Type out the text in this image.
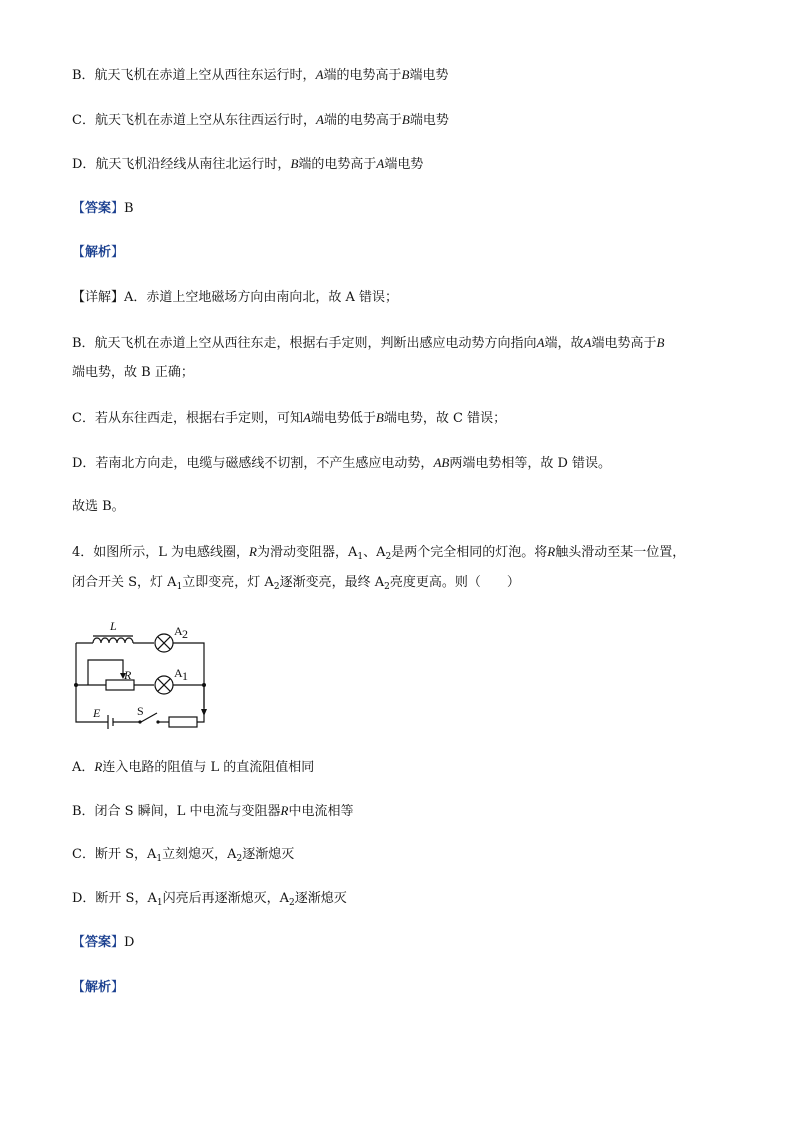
B．航天飞机在赤道上空从西往东运行时，A端的电势高于B端电势
C．航天飞机在赤道上空从东往西运行时，A端的电势高于B端电势
D．航天飞机沿经线从南往北运行时，B端的电势高于A端电势
【答案】B
【解析】
【详解】A．赤道上空地磁场方向由南向北，故 A 错误；
B．航天飞机在赤道上空从西往东走，根据右手定则，判断出感应电动势方向指向A端，故A端电势高于B
端电势，故 B 正确；
C．若从东往西走，根据右手定则，可知A端电势低于B端电势，故 C 错误；
D．若南北方向走，电缆与磁感线不切割，不产生感应电动势，AB两端电势相等，故 D 错误。
故选 B。
4．如图所示，L 为电感线圈，R为滑动变阻器，$A_1$、$A_2$是两个完全相同的灯泡。将R触头滑动至某一位置，
闭合开关 S，灯 $A_1$立即变亮，灯 $A_2$逐渐变亮，最终 $A_2$亮度更高。则（　　）
L
R
E	S
A 2
A 1
A．R连入电路的阻值与 L 的直流阻值相同
B．闭合 S 瞬间，L 中电流与变阻器R中电流相等
C．断开 S，$A_1$立刻熄灭，$A_2$逐渐熄灭
D．断开 S，$A_1$闪亮后再逐渐熄灭，$A_2$逐渐熄灭
【答案】D
【解析】
